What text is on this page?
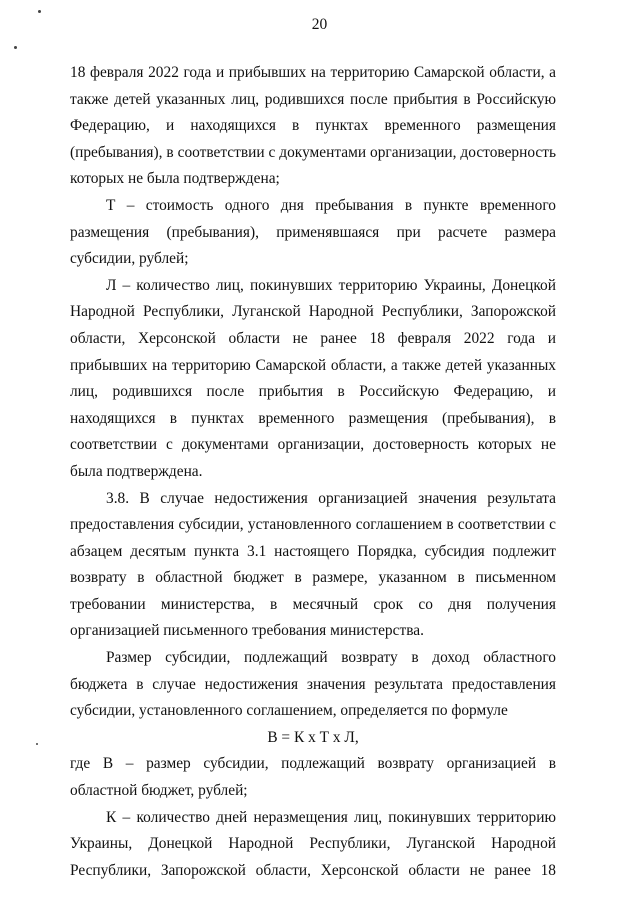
20

18 февраля 2022 года и прибывших на территорию Самарской области, а также детей указанных лиц, родившихся после прибытия в Российскую Федерацию, и находящихся в пунктах временного размещения (пребывания), в соответствии с документами организации, достоверность которых не была подтверждена;

Т – стоимость одного дня пребывания в пункте временного размещения (пребывания), применявшаяся при расчете размера субсидии, рублей;

Л – количество лиц, покинувших территорию Украины, Донецкой Народной Республики, Луганской Народной Республики, Запорожской области, Херсонской области не ранее 18 февраля 2022 года и прибывших на территорию Самарской области, а также детей указанных лиц, родившихся после прибытия в Российскую Федерацию, и находящихся в пунктах временного размещения (пребывания), в соответствии с документами организации, достоверность которых не была подтверждена.

3.8. В случае недостижения организацией значения результата предоставления субсидии, установленного соглашением в соответствии с абзацем десятым пункта 3.1 настоящего Порядка, субсидия подлежит возврату в областной бюджет в размере, указанном в письменном требовании министерства, в месячный срок со дня получения организацией письменного требования министерства.

Размер субсидии, подлежащий возврату в доход областного бюджета в случае недостижения значения результата предоставления субсидии, установленного соглашением, определяется по формуле

В = К х Т х Л,

где В – размер субсидии, подлежащий возврату организацией в областной бюджет, рублей;

К – количество дней неразмещения лиц, покинувших территорию Украины, Донецкой Народной Республики, Луганской Народной Республики, Запорожской области, Херсонской области не ранее 18
